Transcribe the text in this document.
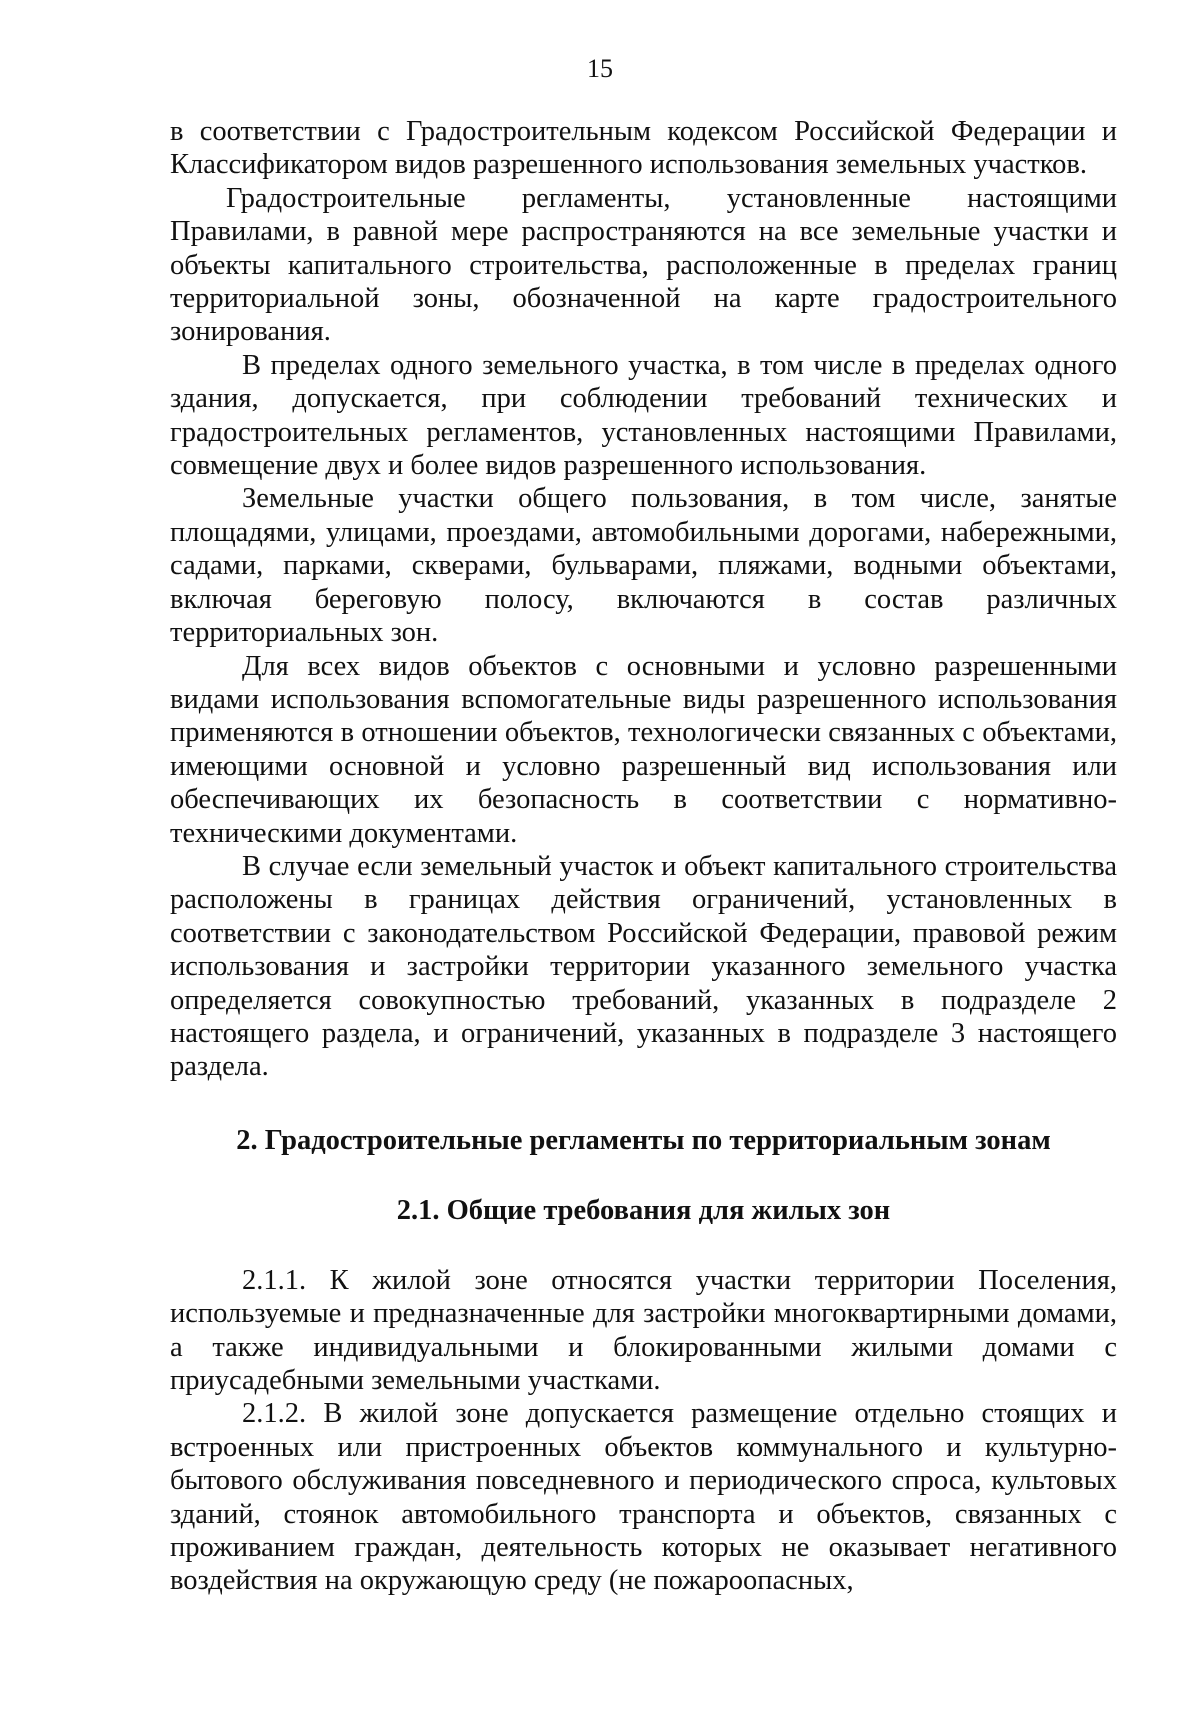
15

в соответствии с Градостроительным кодексом Российской Федерации и Классификатором видов разрешенного использования земельных участков.

Градостроительные регламенты, установленные настоящими Правилами, в равной мере распространяются на все земельные участки и объекты капитального строительства, расположенные в пределах границ территориальной зоны, обозначенной на карте градостроительного зонирования.

В пределах одного земельного участка, в том числе в пределах одного здания, допускается, при соблюдении требований технических и градостроительных регламентов, установленных настоящими Правилами, совмещение двух и более видов разрешенного использования.

Земельные участки общего пользования, в том числе, занятые площадями, улицами, проездами, автомобильными дорогами, набережными, садами, парками, скверами, бульварами, пляжами, водными объектами, включая береговую полосу, включаются в состав различных территориальных зон.

Для всех видов объектов с основными и условно разрешенными видами использования вспомогательные виды разрешенного использования применяются в отношении объектов, технологически связанных с объектами, имеющими основной и условно разрешенный вид использования или обеспечивающих их безопасность в соответствии с нормативно-техническими документами.

В случае если земельный участок и объект капитального строительства расположены в границах действия ограничений, установленных в соответствии с законодательством Российской Федерации, правовой режим использования и застройки территории указанного земельного участка определяется совокупностью требований, указанных в подразделе 2 настоящего раздела, и ограничений, указанных в подразделе 3 настоящего раздела.

2. Градостроительные регламенты по территориальным зонам
2.1. Общие требования для жилых зон

2.1.1. К жилой зоне относятся участки территории Поселения, используемые и предназначенные для застройки многоквартирными домами, а также индивидуальными и блокированными жилыми домами с приусадебными земельными участками.

2.1.2. В жилой зоне допускается размещение отдельно стоящих и встроенных или пристроенных объектов коммунального и культурно-бытового обслуживания повседневного и периодического спроса, культовых зданий, стоянок автомобильного транспорта и объектов, связанных с проживанием граждан, деятельность которых не оказывает негативного воздействия на окружающую среду (не пожароопасных,
